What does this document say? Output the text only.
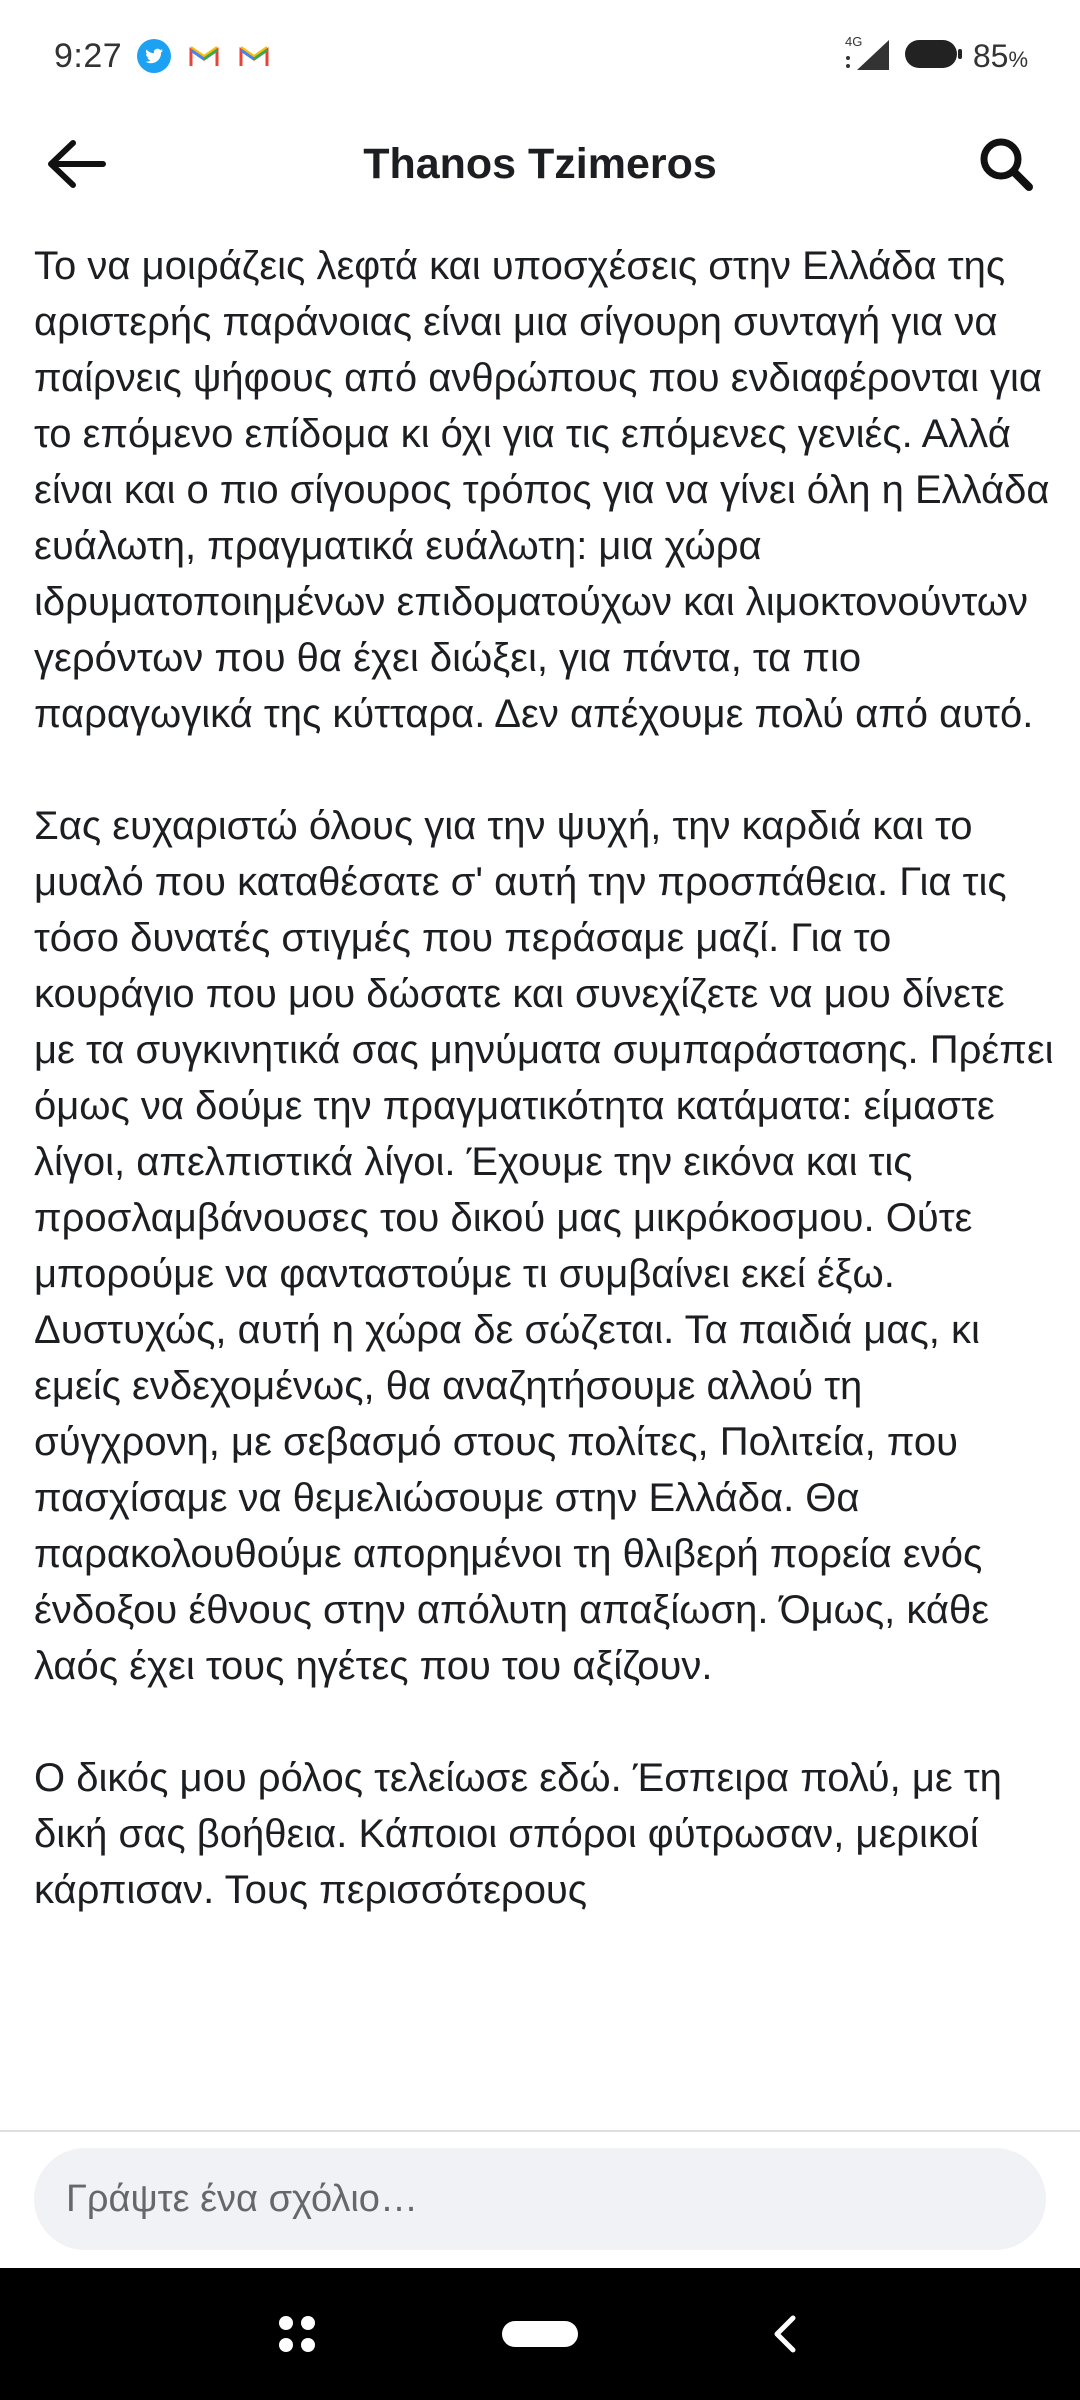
9:27	4G	85%
Thanos Tzimeros

Το να μοιράζεις λεφτά και υποσχέσεις στην Ελλάδα της αριστερής παράνοιας είναι μια σίγουρη συνταγή για να παίρνεις ψήφους από ανθρώπους που ενδιαφέρονται για το επόμενο επίδομα κι όχι για τις επόμενες γενιές. Αλλά είναι και ο πιο σίγουρος τρόπος για να γίνει όλη η Ελλάδα ευάλωτη, πραγματικά ευάλωτη: μια χώρα ιδρυματοποιημένων επιδοματούχων και λιμοκτονούντων γερόντων που θα έχει διώξει, για πάντα, τα πιο παραγωγικά της κύτταρα. Δεν απέχουμε πολύ από αυτό.

Σας ευχαριστώ όλους για την ψυχή, την καρδιά και το μυαλό που καταθέσατε σ' αυτή την προσπάθεια. Για τις τόσο δυνατές στιγμές που περάσαμε μαζί. Για το κουράγιο που μου δώσατε και συνεχίζετε να μου δίνετε με τα συγκινητικά σας μηνύματα συμπαράστασης. Πρέπει όμως να δούμε την πραγματικότητα κατάματα: είμαστε λίγοι, απελπιστικά λίγοι. Έχουμε την εικόνα και τις προσλαμβάνουσες του δικού μας μικρόκοσμου. Ούτε μπορούμε να φανταστούμε τι συμβαίνει εκεί έξω. Δυστυχώς, αυτή η χώρα δε σώζεται. Τα παιδιά μας, κι εμείς ενδεχομένως, θα αναζητήσουμε αλλού τη σύγχρονη, με σεβασμό στους πολίτες, Πολιτεία, που πασχίσαμε να θεμελιώσουμε στην Ελλάδα. Θα παρακολουθούμε απορημένοι τη θλιβερή πορεία ενός ένδοξου έθνους στην απόλυτη απαξίωση. Όμως, κάθε λαός έχει τους ηγέτες που του αξίζουν.

Ο δικός μου ρόλος τελείωσε εδώ. Έσπειρα πολύ, με τη δική σας βοήθεια. Κάποιοι σπόροι φύτρωσαν, μερικοί κάρπισαν. Τους περισσότερους

Γράψτε ένα σχόλιο…
